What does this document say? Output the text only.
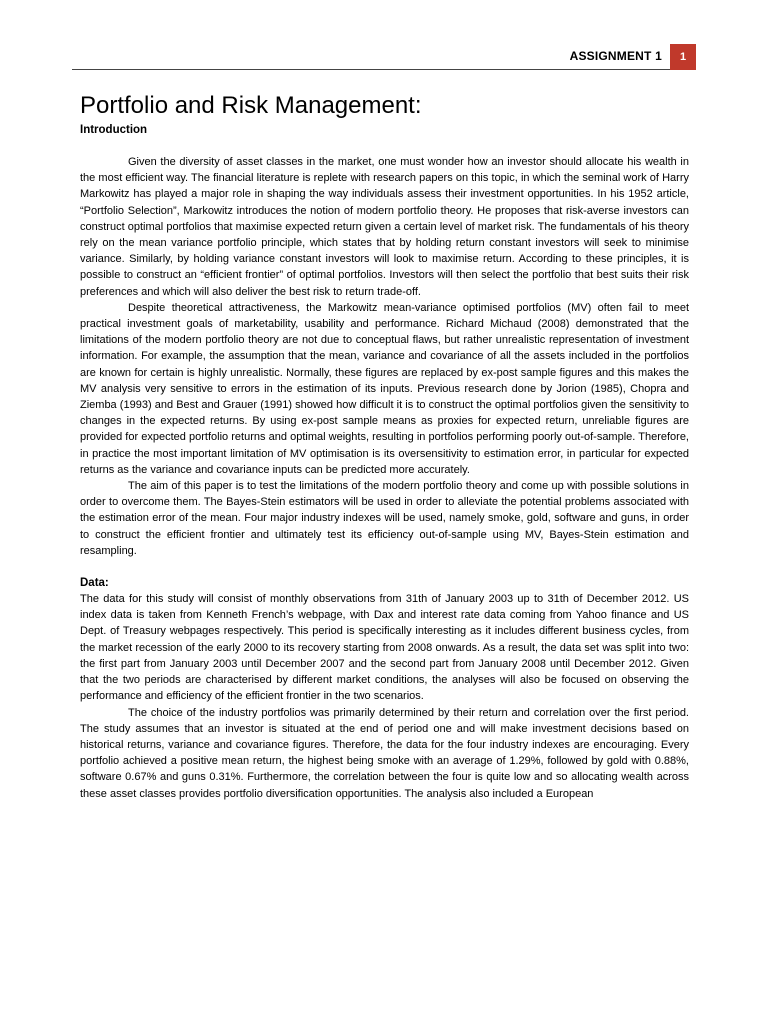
ASSIGNMENT 1	1
Portfolio and Risk Management:
Introduction

Given the diversity of asset classes in the market, one must wonder how an investor should allocate his wealth in the most efficient way. The financial literature is replete with research papers on this topic, in which the seminal work of Harry Markowitz has played a major role in shaping the way individuals assess their investment opportunities. In his 1952 article, “Portfolio Selection”, Markowitz introduces the notion of modern portfolio theory. He proposes that risk-averse investors can construct optimal portfolios that maximise expected return given a certain level of market risk. The fundamentals of his theory rely on the mean variance portfolio principle, which states that by holding return constant investors will seek to minimise variance. Similarly, by holding variance constant investors will look to maximise return. According to these principles, it is possible to construct an “efficient frontier” of optimal portfolios. Investors will then select the portfolio that best suits their risk preferences and which will also deliver the best risk to return trade-off.

Despite theoretical attractiveness, the Markowitz mean-variance optimised portfolios (MV) often fail to meet practical investment goals of marketability, usability and performance. Richard Michaud (2008) demonstrated that the limitations of the modern portfolio theory are not due to conceptual flaws, but rather unrealistic representation of investment information. For example, the assumption that the mean, variance and covariance of all the assets included in the portfolios are known for certain is highly unrealistic. Normally, these figures are replaced by ex-post sample figures and this makes the MV analysis very sensitive to errors in the estimation of its inputs. Previous research done by Jorion (1985), Chopra and Ziemba (1993) and Best and Grauer (1991) showed how difficult it is to construct the optimal portfolios given the sensitivity to changes in the expected returns. By using ex-post sample means as proxies for expected return, unreliable figures are provided for expected portfolio returns and optimal weights, resulting in portfolios performing poorly out-of-sample. Therefore, in practice the most important limitation of MV optimisation is its oversensitivity to estimation error, in particular for expected returns as the variance and covariance inputs can be predicted more accurately.

The aim of this paper is to test the limitations of the modern portfolio theory and come up with possible solutions in order to overcome them. The Bayes-Stein estimators will be used in order to alleviate the potential problems associated with the estimation error of the mean. Four major industry indexes will be used, namely smoke, gold, software and guns, in order to construct the efficient frontier and ultimately test its efficiency out-of-sample using MV, Bayes-Stein estimation and resampling.

Data:

The data for this study will consist of monthly observations from 31th of January 2003 up to 31th of December 2012. US index data is taken from Kenneth French’s webpage, with Dax and interest rate data coming from Yahoo finance and US Dept. of Treasury webpages respectively. This period is specifically interesting as it includes different business cycles, from the market recession of the early 2000 to its recovery starting from 2008 onwards. As a result, the data set was split into two: the first part from January 2003 until December 2007 and the second part from January 2008 until December 2012. Given that the two periods are characterised by different market conditions, the analyses will also be focused on observing the performance and efficiency of the efficient frontier in the two scenarios.

The choice of the industry portfolios was primarily determined by their return and correlation over the first period. The study assumes that an investor is situated at the end of period one and will make investment decisions based on historical returns, variance and covariance figures. Therefore, the data for the four industry indexes are encouraging. Every portfolio achieved a positive mean return, the highest being smoke with an average of 1.29%, followed by gold with 0.88%, software 0.67% and guns 0.31%. Furthermore, the correlation between the four is quite low and so allocating wealth across these asset classes provides portfolio diversification opportunities. The analysis also included a European
